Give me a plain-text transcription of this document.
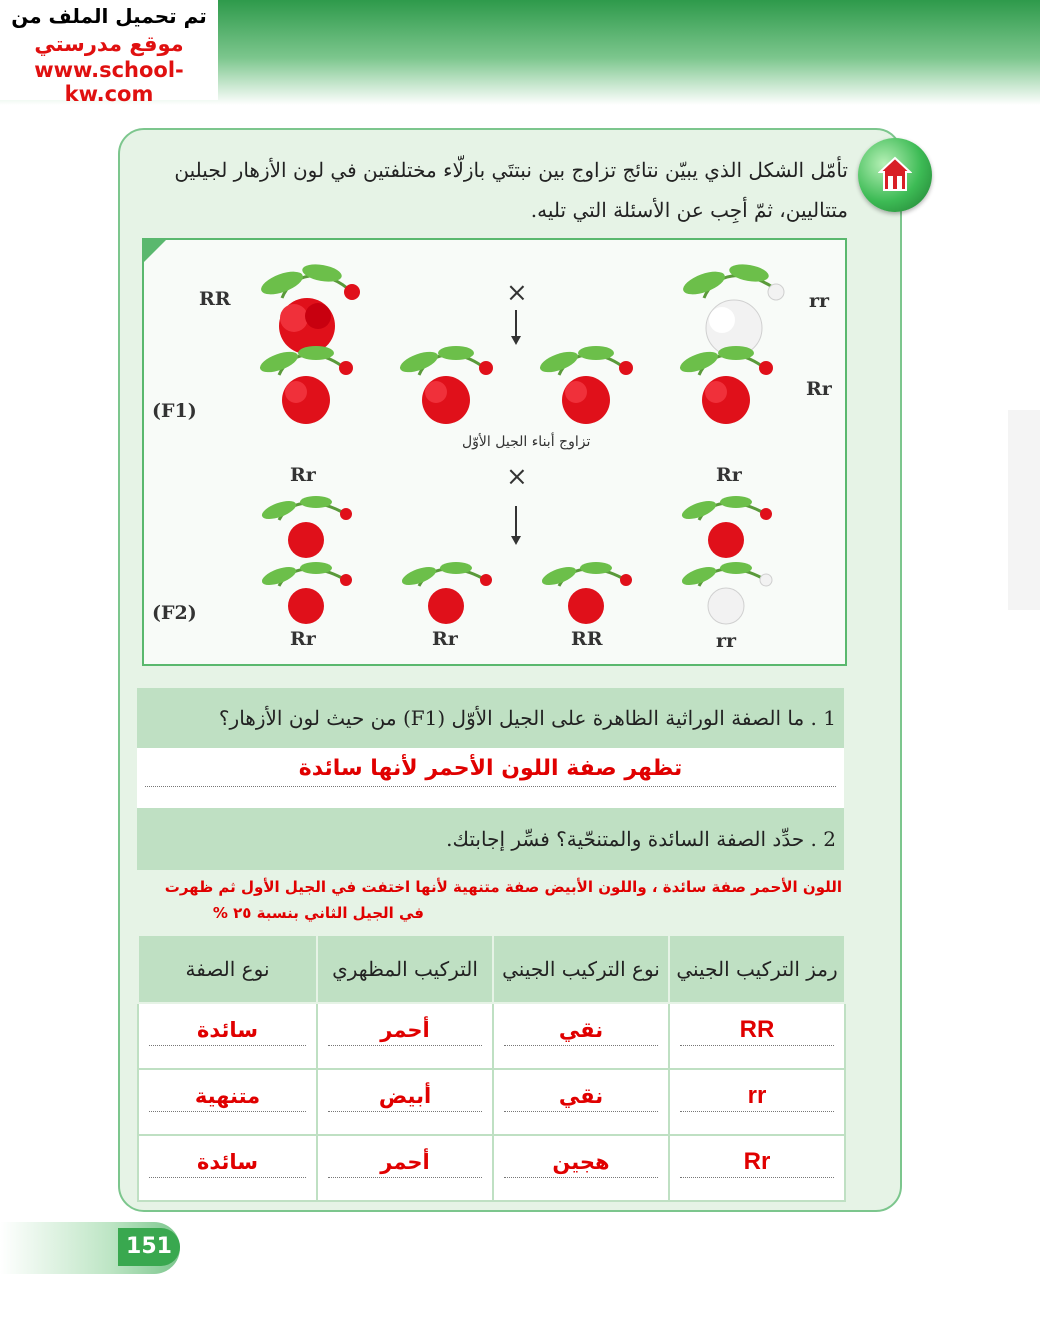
تم تحميل الملف من
موقع مدرستي
www.school-kw.com
تأمّل الشكل الذي يبيّن نتائج تزاوج بين نبتتَي بازلّاء مختلفتين في لون الأزهار لجيلين متتاليين، ثمّ أجِب عن الأسئلة التي تليه.
RR	rr
×
(F1)
Rr
تزاوج أبناء الجيل الأوّل
Rr	Rr
×
(F2)
Rr	Rr	RR	rr
1 . ما الصفة الوراثية الظاهرة على الجيل الأوّل (F1) من حيث لون الأزهار؟
تظهر صفة اللون الأحمر لأنها سائدة
2 . حدِّد الصفة السائدة والمتنحّية؟ فسِّر إجابتك.
اللون الأحمر صفة سائدة ، واللون الأبيض صفة متنهية لأنها اختفت في الجيل الأول ثم ظهرت
في الجيل الثاني بنسبة ٢٥ %
رمز التركيب الجيني	نوع التركيب الجيني	التركيب المظهري	نوع الصفة
RR	نقي	أحمر	سائدة

rr	نقي	أبيض	متنهية

Rr	هجين	أحمر	سائدة
151
